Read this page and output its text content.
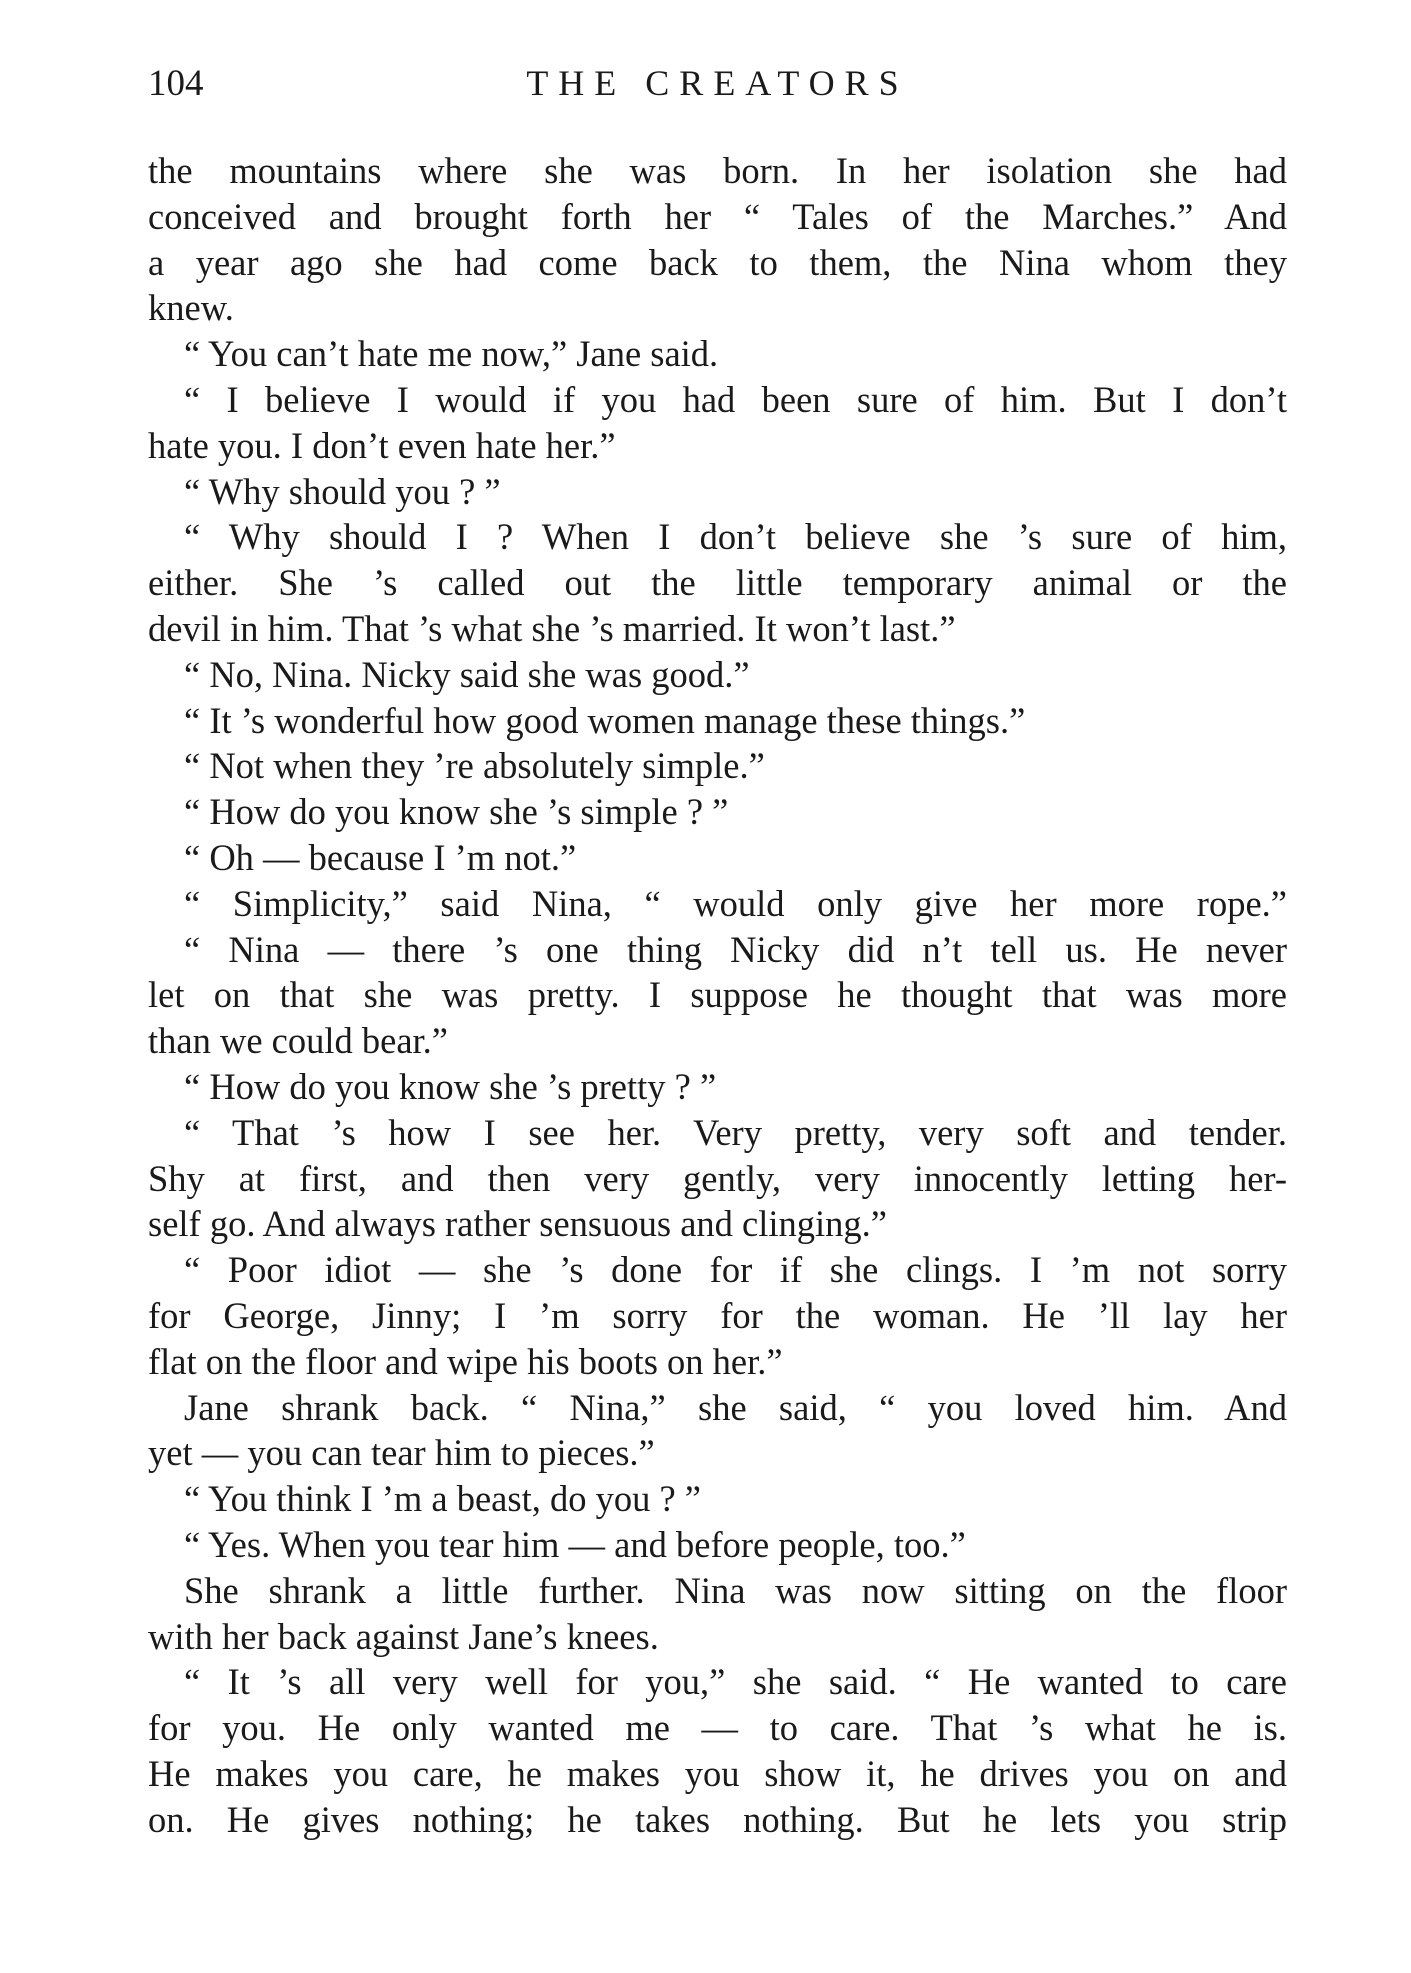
104	THE CREATORS
the mountains where she was born. In her isolation she had
conceived and brought forth her “ Tales of the Marches.” And
a year ago she had come back to them, the Nina whom they
knew.
“ You can’t hate me now,” Jane said.
“ I believe I would if you had been sure of him. But I don’t
hate you. I don’t even hate her.”
“ Why should you ? ”
“ Why should I ? When I don’t believe she ’s sure of him,
either. She ’s called out the little temporary animal or the
devil in him. That ’s what she ’s married. It won’t last.”
“ No, Nina. Nicky said she was good.”
“ It ’s wonderful how good women manage these things.”
“ Not when they ’re absolutely simple.”
“ How do you know she ’s simple ? ”
“ Oh — because I ’m not.”
“ Simplicity,” said Nina, “ would only give her more rope.”
“ Nina — there ’s one thing Nicky did n’t tell us. He never
let on that she was pretty. I suppose he thought that was more
than we could bear.”
“ How do you know she ’s pretty ? ”
“ That ’s how I see her. Very pretty, very soft and tender.
Shy at first, and then very gently, very innocently letting her-
self go. And always rather sensuous and clinging.”
“ Poor idiot — she ’s done for if she clings. I ’m not sorry
for George, Jinny; I ’m sorry for the woman. He ’ll lay her
flat on the floor and wipe his boots on her.”
Jane shrank back. “ Nina,” she said, “ you loved him. And
yet — you can tear him to pieces.”
“ You think I ’m a beast, do you ? ”
“ Yes. When you tear him — and before people, too.”
She shrank a little further. Nina was now sitting on the floor
with her back against Jane’s knees.
“ It ’s all very well for you,” she said. “ He wanted to care
for you. He only wanted me — to care. That ’s what he is.
He makes you care, he makes you show it, he drives you on and
on. He gives nothing; he takes nothing. But he lets you strip
